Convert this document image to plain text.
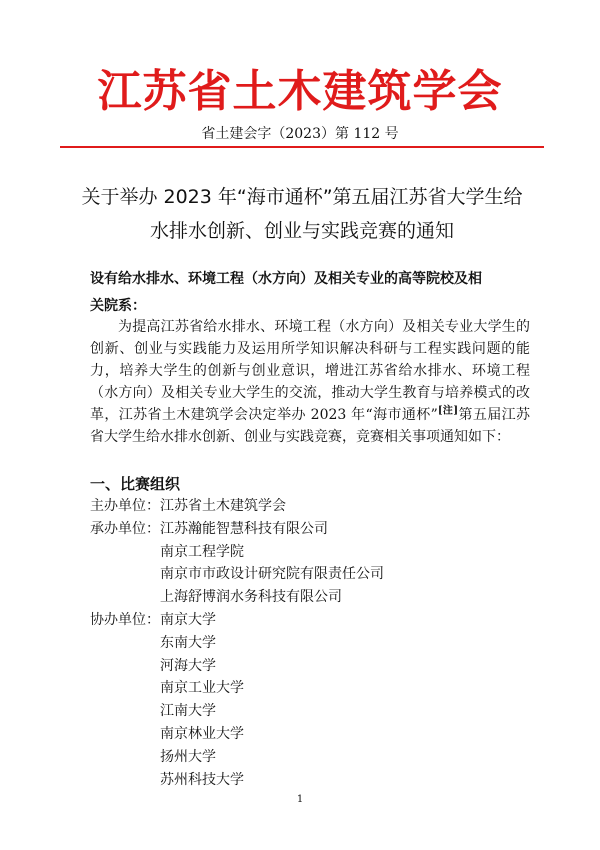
江苏省土木建筑学会
省土建会字（2023）第 112 号
关于举办 2023 年“海市通杯”第五届江苏省大学生给
水排水创新、创业与实践竞赛的通知
设有给水排水、环境工程（水方向）及相关专业的高等院校及相
关院系：
为提高江苏省给水排水、环境工程（水方向）及相关专业大学生的创新、创业与实践能力及运用所学知识解决科研与工程实践问题的能力，培养大学生的创新与创业意识，增进江苏省给水排水、环境工程（水方向）及相关专业大学生的交流，推动大学生教育与培养模式的改革，江苏省土木建筑学会决定举办 2023 年“海市通杯”[注]第五届江苏省大学生给水排水创新、创业与实践竞赛，竞赛相关事项通知如下：
一、比赛组织
主办单位： 江苏省土木建筑学会
承办单位： 江苏瀚能智慧科技有限公司
南京工程学院
南京市市政设计研究院有限责任公司
上海舒博润水务科技有限公司
协办单位： 南京大学
东南大学
河海大学
南京工业大学
江南大学
南京林业大学
扬州大学
苏州科技大学
1
